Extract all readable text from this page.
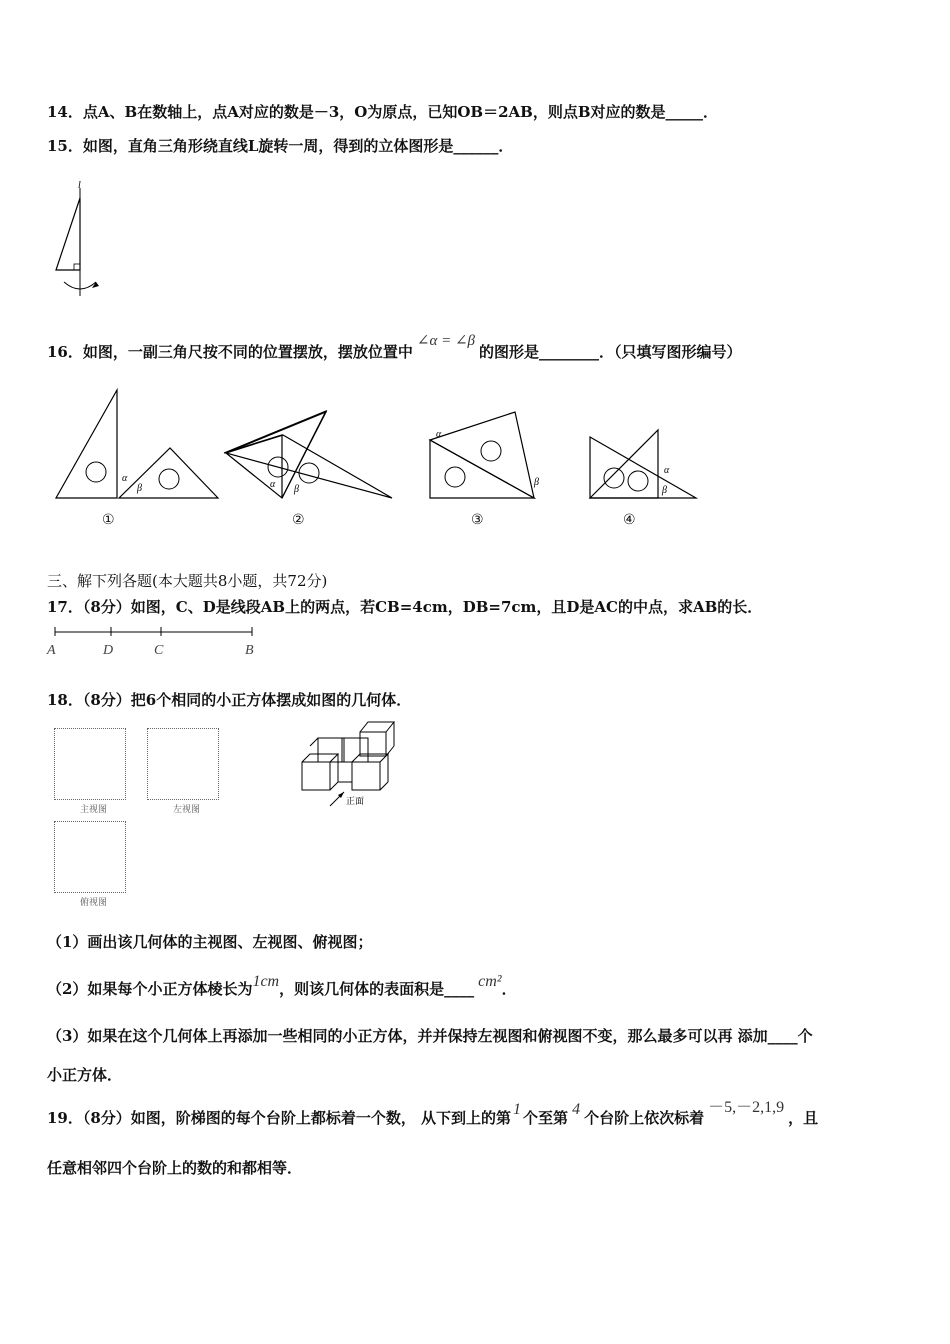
14．点A、B在数轴上，点A对应的数是－3，O为原点，已知OB＝2AB，则点B对应的数是_____．
15．如图，直角三角形绕直线L旋转一周，得到的立体图形是______．
l
16．如图，一副三角尺按不同的位置摆放，摆放位置中∠α = ∠β的图形是________．（只填写图形编号）
α
β	α β
α
β
α
β
①	②	③	④
三、解下列各题(本大题共8小题，共72分)
17．（8分）如图，C、D是线段AB上的两点，若CB=4cm，DB=7cm，且D是AC的中点，求AB的长．
A	D	C	B
18．（8分）把6个相同的小正方体摆成如图的几何体．
主视图	左视图
俯视图
正面
（1）画出该几何体的主视图、左视图、俯视图；
（2）如果每个小正方体棱长为1cm，则该几何体的表面积是____ cm²．
（3）如果在这个几何体上再添加一些相同的小正方体，并并保持左视图和俯视图不变，那么最多可以再 添加____个
小正方体．
19．（8分）如图，阶梯图的每个台阶上都标着一个数， 从下到上的第 1 个至第 4 个台阶上依次标着－5,－2,1,9，且
任意相邻四个台阶上的数的和都相等．
